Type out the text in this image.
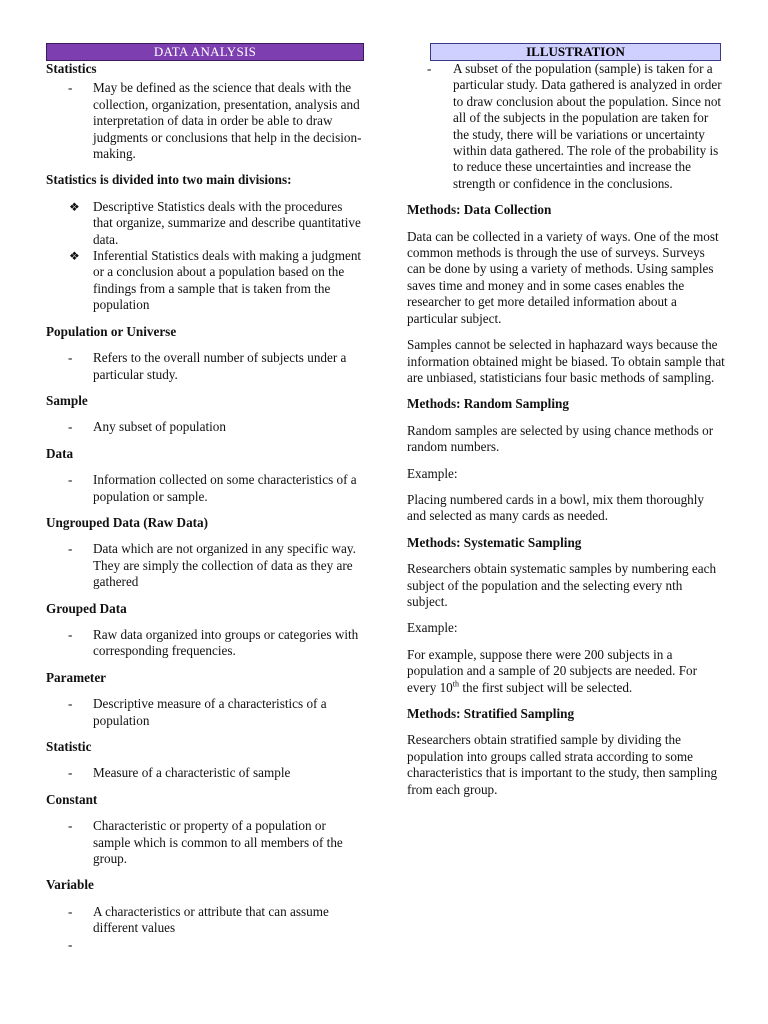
DATA ANALYSIS

Statistics

- May be defined as the science that deals with the collection, organization, presentation, analysis and interpretation of data in order be able to draw judgments or conclusions that help in the decision-making.

Statistics is divided into two main divisions:

❖ Descriptive Statistics deals with the procedures that organize, summarize and describe quantitative data.

❖ Inferential Statistics deals with making a judgment or a conclusion about a population based on the findings from a sample that is taken from the population

Population or Universe

- Refers to the overall number of subjects under a particular study.

Sample

- Any subset of population

Data

- Information collected on some characteristics of a population or sample.

Ungrouped Data (Raw Data)

- Data which are not organized in any specific way. They are simply the collection of data as they are gathered

Grouped Data

- Raw data organized into groups or categories with corresponding frequencies.

Parameter

- Descriptive measure of a characteristics of a population

Statistic

- Measure of a characteristic of sample

Constant

- Characteristic or property of a population or sample which is common to all members of the group.

Variable

- A characteristics or attribute that can assume different values

-

ILLUSTRATION

- A subset of the population (sample) is taken for a particular study. Data gathered is analyzed in order to draw conclusion about the population. Since not all of the subjects in the population are taken for the study, there will be variations or uncertainty within data gathered. The role of the probability is to reduce these uncertainties and increase the strength or confidence in the conclusions.

Methods: Data Collection

Data can be collected in a variety of ways. One of the most common methods is through the use of surveys. Surveys can be done by using a variety of methods. Using samples saves time and money and in some cases enables the researcher to get more detailed information about a particular subject.

Samples cannot be selected in haphazard ways because the information obtained might be biased. To obtain sample that are unbiased, statisticians four basic methods of sampling.

Methods: Random Sampling

Random samples are selected by using chance methods or random numbers.

Example:

Placing numbered cards in a bowl, mix them thoroughly and selected as many cards as needed.

Methods: Systematic Sampling

Researchers obtain systematic samples by numbering each subject of the population and the selecting every nth subject.

Example:

For example, suppose there were 200 subjects in a population and a sample of 20 subjects are needed. For every 10th the first subject will be selected.

Methods: Stratified Sampling

Researchers obtain stratified sample by dividing the population into groups called strata according to some characteristics that is important to the study, then sampling from each group.
